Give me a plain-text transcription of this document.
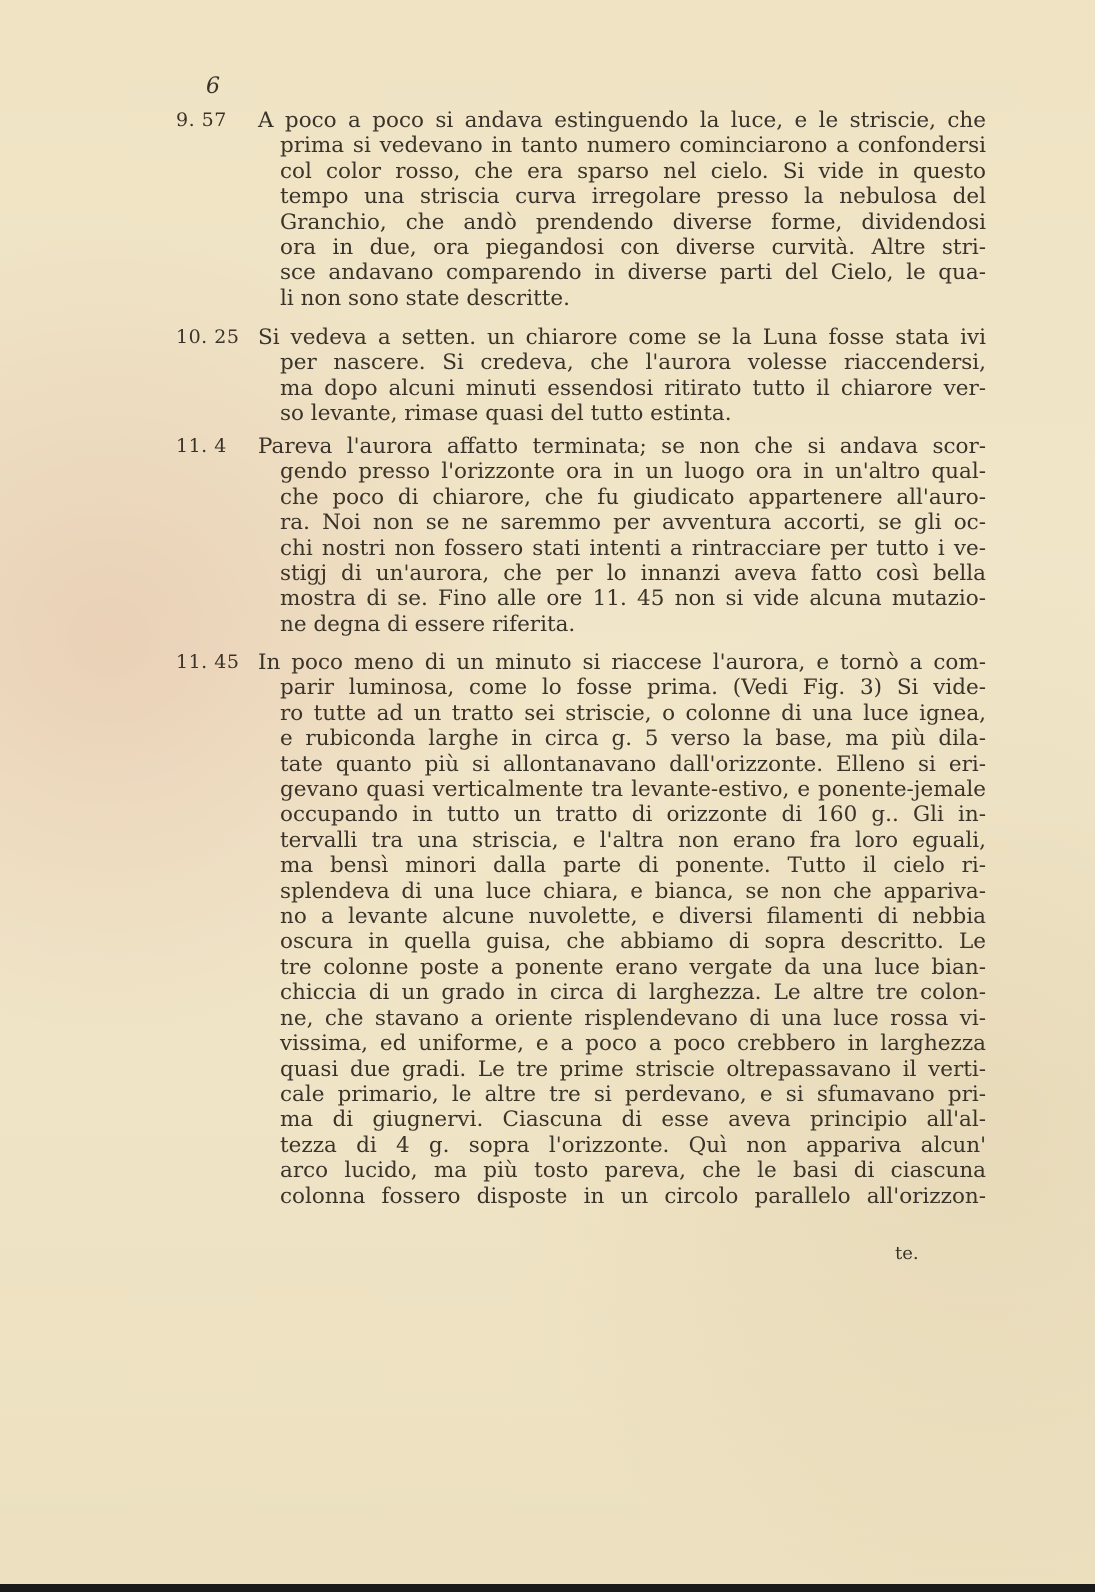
6
9. 57 A poco a poco si andava estinguendo la luce, e le striscie, che
prima si vedevano in tanto numero cominciarono a confondersi
col color rosso, che era sparso nel cielo. Si vide in questo
tempo una striscia curva irregolare presso la nebulosa del
Granchio, che andò prendendo diverse forme, dividendosi
ora in due, ora piegandosi con diverse curvità. Altre stri-
sce andavano comparendo in diverse parti del Cielo, le qua-
li non sono state descritte.
10. 25 Si vedeva a setten. un chiarore come se la Luna fosse stata ivi
per nascere. Si credeva, che l'aurora volesse riaccendersi,
ma dopo alcuni minuti essendosi ritirato tutto il chiarore ver-
so levante, rimase quasi del tutto estinta.
11. 4 Pareva l'aurora affatto terminata; se non che si andava scor-
gendo presso l'orizzonte ora in un luogo ora in un'altro qual-
che poco di chiarore, che fu giudicato appartenere all'auro-
ra. Noi non se ne saremmo per avventura accorti, se gli oc-
chi nostri non fossero stati intenti a rintracciare per tutto i ve-
stigj di un'aurora, che per lo innanzi aveva fatto così bella
mostra di se. Fino alle ore 11. 45 non si vide alcuna mutazio-
ne degna di essere riferita.
11. 45 In poco meno di un minuto si riaccese l'aurora, e tornò a com-
parir luminosa, come lo fosse prima. (Vedi Fig. 3) Si vide-
ro tutte ad un tratto sei striscie, o colonne di una luce ignea,
e rubiconda larghe in circa g. 5 verso la base, ma più dila-
tate quanto più si allontanavano dall'orizzonte. Elleno si eri-
gevano quasi verticalmente tra levante-estivo, e ponente-jemale
occupando in tutto un tratto di orizzonte di 160 g.. Gli in-
tervalli tra una striscia, e l'altra non erano fra loro eguali,
ma bensì minori dalla parte di ponente. Tutto il cielo ri-
splendeva di una luce chiara, e bianca, se non che appariva-
no a levante alcune nuvolette, e diversi filamenti di nebbia
oscura in quella guisa, che abbiamo di sopra descritto. Le
tre colonne poste a ponente erano vergate da una luce bian-
chiccia di un grado in circa di larghezza. Le altre tre colon-
ne, che stavano a oriente risplendevano di una luce rossa vi-
vissima, ed uniforme, e a poco a poco crebbero in larghezza
quasi due gradi. Le tre prime striscie oltrepassavano il verti-
cale primario, le altre tre si perdevano, e si sfumavano pri-
ma di giugnervi. Ciascuna di esse aveva principio all'al-
tezza di 4 g. sopra l'orizzonte. Quì non appariva alcun'
arco lucido, ma più tosto pareva, che le basi di ciascuna
colonna fossero disposte in un circolo parallelo all'orizzon-
te.
